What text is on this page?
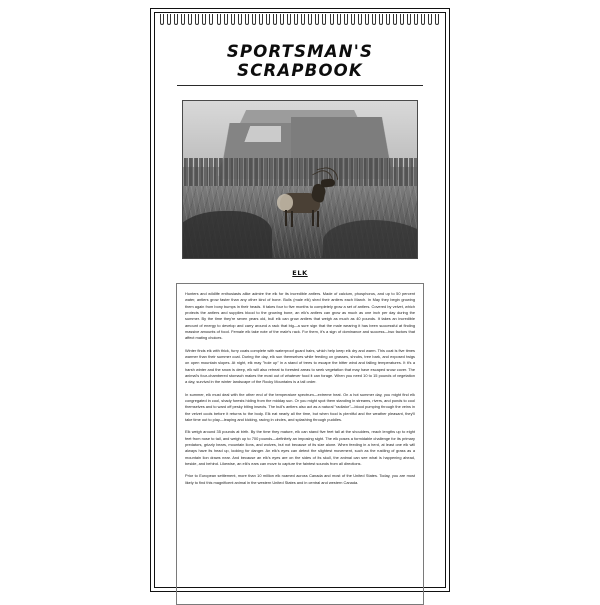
SPORTSMAN'S SCRAPBOOK
ELK

Hunters and wildlife enthusiasts alike admire the elk for its incredible antlers. Made of calcium, phosphorus, and up to 50 percent water, antlers grow faster than any other kind of bone. Bulls (male elk) shed their antlers each March. In May they begin growing them again from bony bumps in their heads. It takes four to five months to completely grow a set of antlers. Covered by velvet, which protects the antlers and supplies blood to the growing bone, an elk's antlers can grow as much as one inch per day during the summer. By the time they're seven years old, bull elk can grow antlers that weigh as much as 40 pounds. It takes an incredible amount of energy to develop and carry around a rack that big—a sure sign that the male wearing it has been successful at finding massive amounts of food. Female elk take note of the male's rack. For them, it's a sign of dominance and success—two factors that affect mating choices.

Winter finds elk with thick, furry coats complete with waterproof guard hairs, which help keep elk dry and warm. This coat is five times warmer than their summer coat. During the day, elk sun themselves while feeding on grasses, shrubs, tree bark, and exposed twigs on open mountain slopes. At night, elk may "hole up" in a stand of trees to escape the bitter wind and falling temperatures. It it's a harsh winter and the snow is deep, elk will also retreat to forested areas to seek vegetation that may have escaped snow cover. The animal's four-chambered stomach makes the most out of whatever food it can forage. When you need 10 to 15 pounds of vegetation a day, survival in the winter landscape of the Rocky Mountains is a tall order.

In summer, elk must deal with the other end of the temperature spectrum—extreme heat. On a hot summer day, you might find elk congregated in cool, shady forests hiding from the midday sun. Or you might spot them standing in streams, rivers, and ponds to cool themselves and to ward off pesky biting insects. The bull's antlers also act as a natural "radiator"—blood pumping through the veins in the velvet cools before it returns to the body. Elk eat nearly all the time, but when food is plentiful and the weather pleasant, they'll take time out to play—leaping and kicking, racing in circles, and splashing through puddles.

Elk weigh around 35 pounds at birth. By the time they mature, elk can stand five feet tall at the shoulders, reach lengths up to eight feet from nose to tail, and weigh up to 700 pounds—definitely an imposing sight. The elk poses a formidable challenge for its primary predators, grizzly bears, mountain lions, and wolves, but not because of its size alone. When feeding in a herd, at least one elk will always have its head up, looking for danger. An elk's eyes can detect the slightest movement, such as the rustling of grass as a mountain lion draws near. And because an elk's eyes are on the sides of its skull, the animal can see what is happening ahead, beside, and behind. Likewise, an elk's ears can move to capture the faintest sounds from all directions.

Prior to European settlement, more than 10 million elk roamed across Canada and most of the United States. Today, you are most likely to find this magnificent animal in the western United States and in central and western Canada.
